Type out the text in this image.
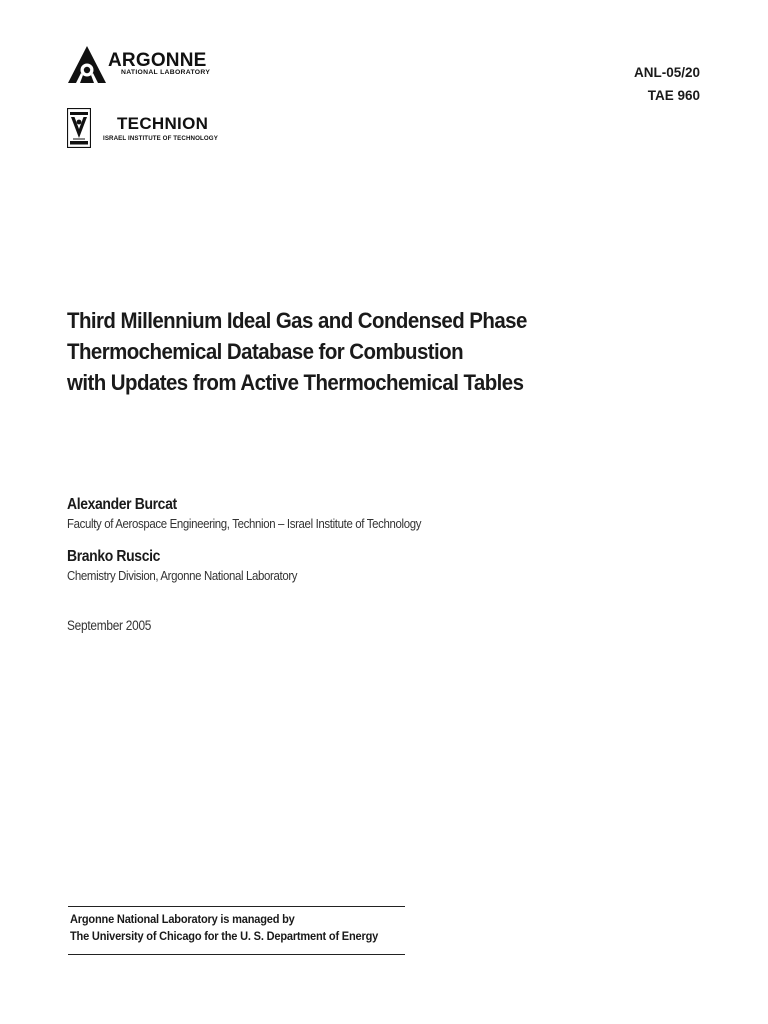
ARGONNE
NATIONAL LABORATORY
TECHNION
ISRAEL INSTITUTE OF TECHNOLOGY
ANL-05/20
TAE 960
Third Millennium Ideal Gas and Condensed Phase
Thermochemical Database for Combustion
with Updates from Active Thermochemical Tables
Alexander Burcat
Faculty of Aerospace Engineering, Technion – Israel Institute of Technology
Branko Ruscic
Chemistry Division, Argonne National Laboratory
September 2005
Argonne National Laboratory is managed by
The University of Chicago for the U. S. Department of Energy
